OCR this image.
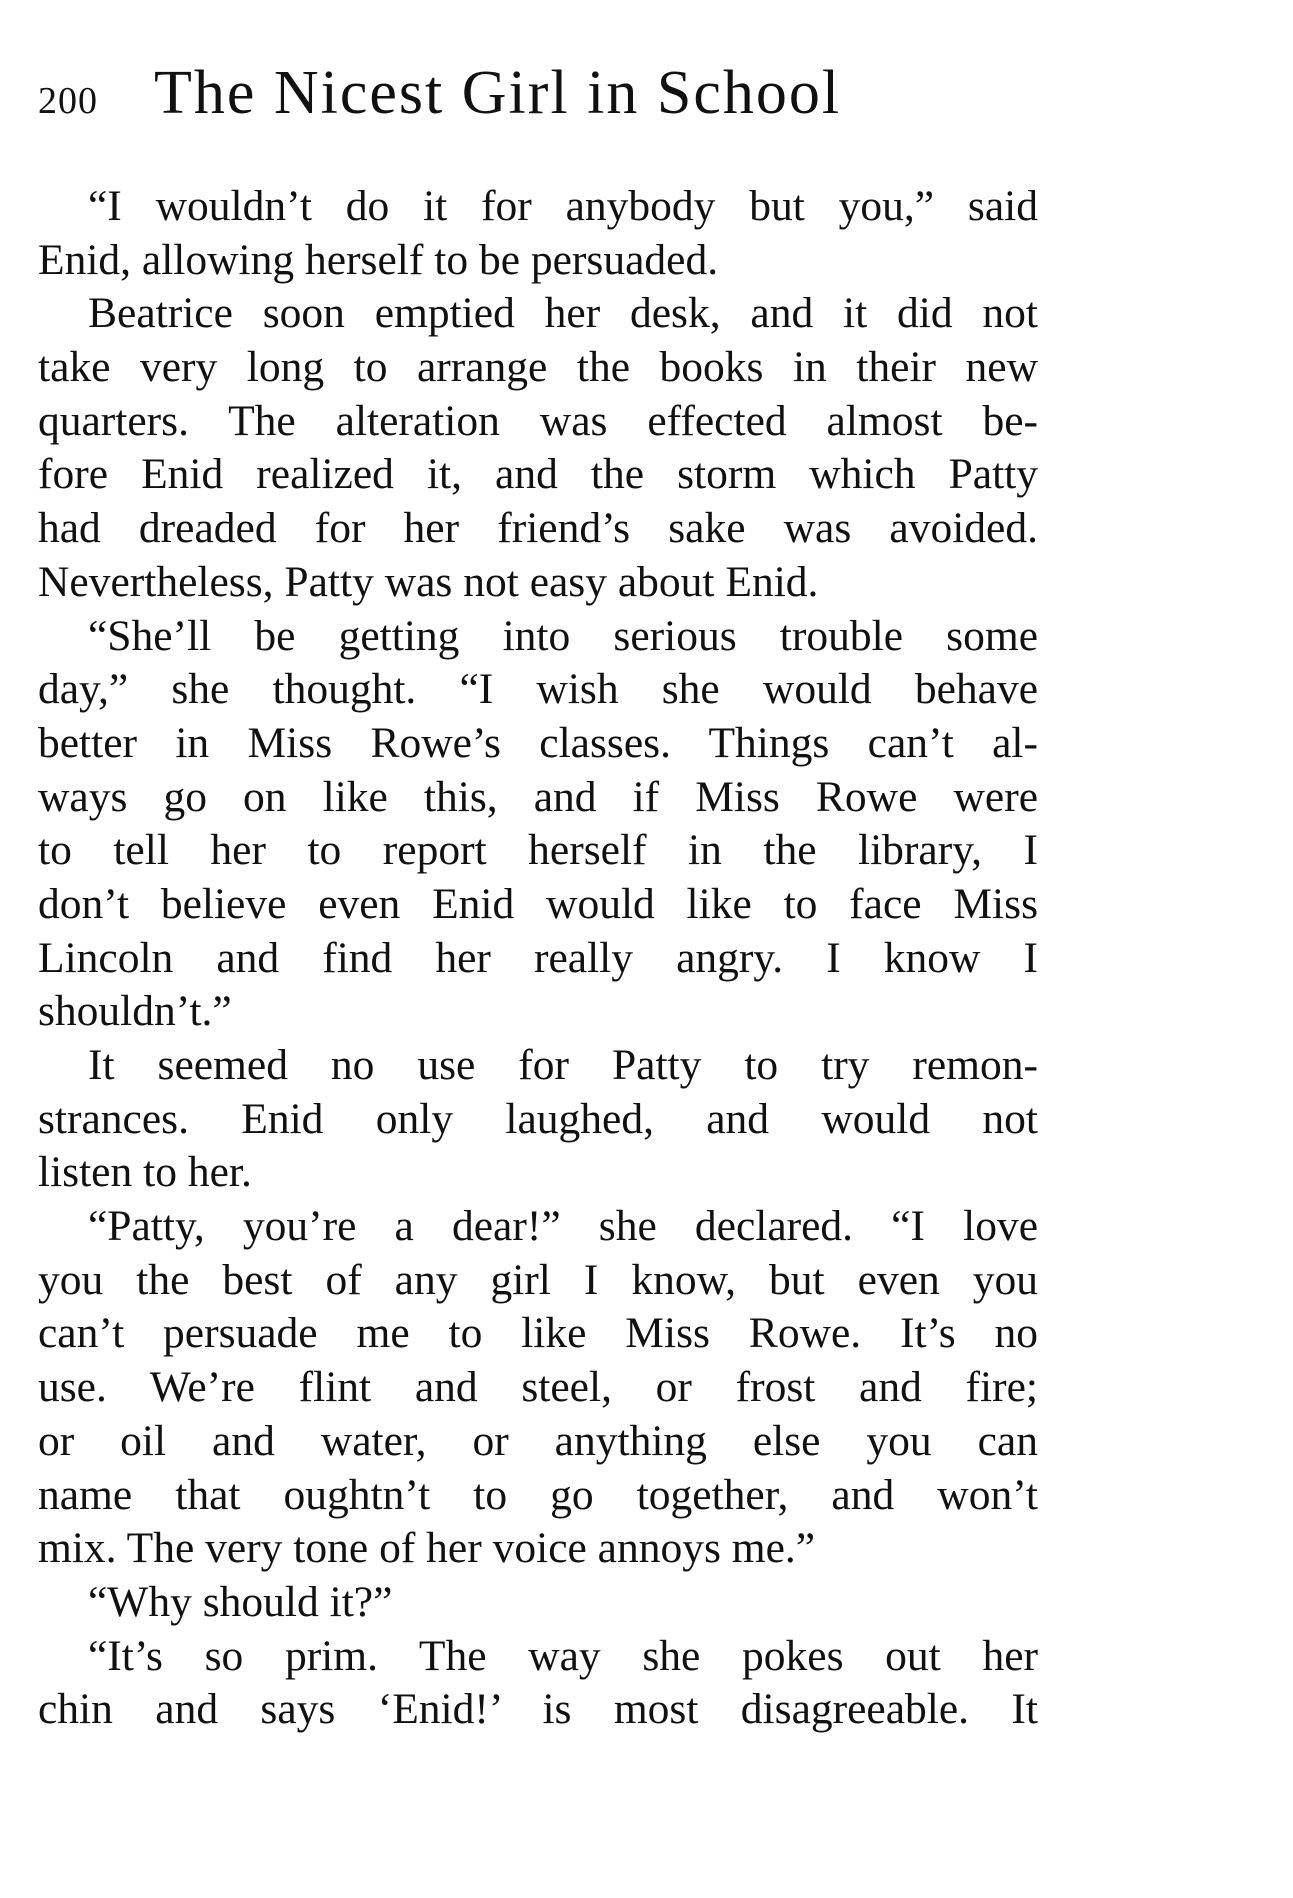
200 The Nicest Girl in School
“I wouldn’t do it for anybody but you,” said
Enid, allowing herself to be persuaded.
Beatrice soon emptied her desk, and it did not
take very long to arrange the books in their new
quarters. The alteration was effected almost be-
fore Enid realized it, and the storm which Patty
had dreaded for her friend’s sake was avoided.
Nevertheless, Patty was not easy about Enid.
“She’ll be getting into serious trouble some
day,” she thought. “I wish she would behave
better in Miss Rowe’s classes. Things can’t al-
ways go on like this, and if Miss Rowe were
to tell her to report herself in the library, I
don’t believe even Enid would like to face Miss
Lincoln and find her really angry. I know I
shouldn’t.”
It seemed no use for Patty to try remon-
strances. Enid only laughed, and would not
listen to her.
“Patty, you’re a dear!” she declared. “I love
you the best of any girl I know, but even you
can’t persuade me to like Miss Rowe. It’s no
use. We’re flint and steel, or frost and fire;
or oil and water, or anything else you can
name that oughtn’t to go together, and won’t
mix. The very tone of her voice annoys me.”
“Why should it?”
“It’s so prim. The way she pokes out her
chin and says ‘Enid!’ is most disagreeable. It
